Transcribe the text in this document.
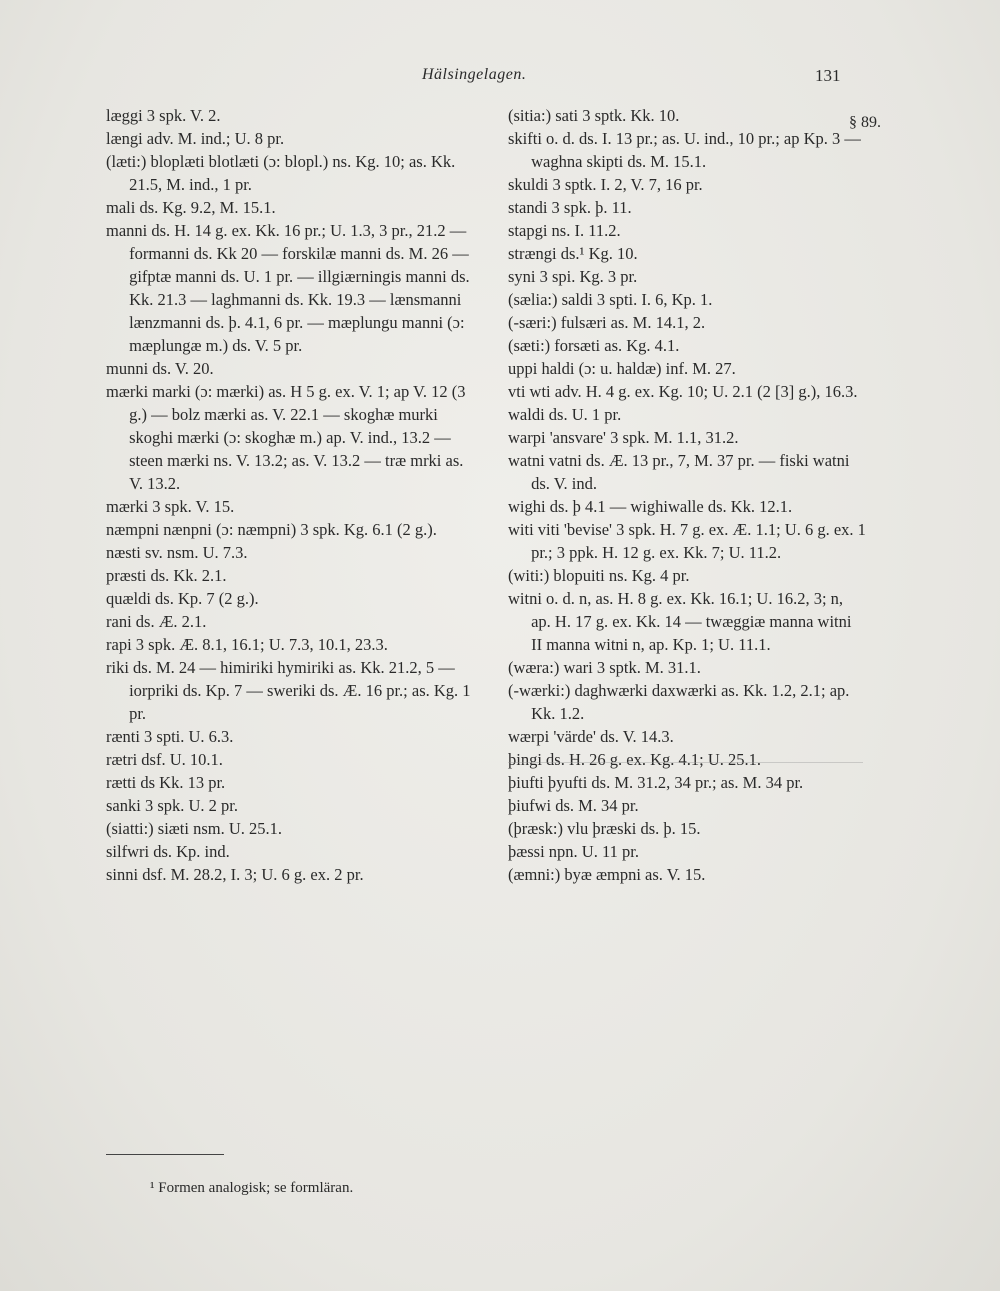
Hälsingelagen.	131
§ 89.

læggi 3 spk. V. 2.

længi adv. M. ind.; U. 8 pr.

(læti:) bloplæti blotlæti (ɔ: blopl.) ns. Kg. 10; as. Kk. 21.5, M. ind., 1 pr.

mali ds. Kg. 9.2, M. 15.1.

manni ds. H. 14 g. ex. Kk. 16 pr.; U. 1.3, 3 pr., 21.2 — formanni ds. Kk 20 — forskilæ manni ds. M. 26 — gifptæ manni ds. U. 1 pr. — illgiærningis manni ds. Kk. 21.3 — laghmanni ds. Kk. 19.3 — lænsmanni lænzmanni ds. þ. 4.1, 6 pr. — mæplungu manni (ɔ: mæplungæ m.) ds. V. 5 pr.

munni ds. V. 20.

mærki marki (ɔ: mærki) as. H 5 g. ex. V. 1; ap V. 12 (3 g.) — bolz mærki as. V. 22.1 — skoghæ murki skoghi mærki (ɔ: skoghæ m.) ap. V. ind., 13.2 — steen mærki ns. V. 13.2; as. V. 13.2 — træ mrki as. V. 13.2.

mærki 3 spk. V. 15.

næmpni nænpni (ɔ: næmpni) 3 spk. Kg. 6.1 (2 g.).

næsti sv. nsm. U. 7.3.

præsti ds. Kk. 2.1.

quældi ds. Kp. 7 (2 g.).

rani ds. Æ. 2.1.

rapi 3 spk. Æ. 8.1, 16.1; U. 7.3, 10.1, 23.3.

riki ds. M. 24 — himiriki hymiriki as. Kk. 21.2, 5 — iorpriki ds. Kp. 7 — sweriki ds. Æ. 16 pr.; as. Kg. 1 pr.

rænti 3 spti. U. 6.3.

rætri dsf. U. 10.1.

rætti ds Kk. 13 pr.

sanki 3 spk. U. 2 pr.

(siatti:) siæti nsm. U. 25.1.

silfwri ds. Kp. ind.

sinni dsf. M. 28.2, I. 3; U. 6 g. ex. 2 pr.

(sitia:) sati 3 sptk. Kk. 10.

skifti o. d. ds. I. 13 pr.; as. U. ind., 10 pr.; ap Kp. 3 — waghna skipti ds. M. 15.1.

skuldi 3 sptk. I. 2, V. 7, 16 pr.

standi 3 spk. þ. 11.

stapgi ns. I. 11.2.

strængi ds.¹ Kg. 10.

syni 3 spi. Kg. 3 pr.

(sælia:) saldi 3 spti. I. 6, Kp. 1.

(-særi:) fulsæri as. M. 14.1, 2.

(sæti:) forsæti as. Kg. 4.1.

uppi haldi (ɔ: u. haldæ) inf. M. 27.

vti wti adv. H. 4 g. ex. Kg. 10; U. 2.1 (2 [3] g.), 16.3.

waldi ds. U. 1 pr.

warpi 'ansvare' 3 spk. M. 1.1, 31.2.

watni vatni ds. Æ. 13 pr., 7, M. 37 pr. — fiski watni ds. V. ind.

wighi ds. þ 4.1 — wighiwalle ds. Kk. 12.1.

witi viti 'bevise' 3 spk. H. 7 g. ex. Æ. 1.1; U. 6 g. ex. 1 pr.; 3 ppk. H. 12 g. ex. Kk. 7; U. 11.2.

(witi:) blopuiti ns. Kg. 4 pr.

witni o. d. n, as. H. 8 g. ex. Kk. 16.1; U. 16.2, 3; n, ap. H. 17 g. ex. Kk. 14 — twæggiæ manna witni II manna witni n, ap. Kp. 1; U. 11.1.

(wæra:) wari 3 sptk. M. 31.1.

(-wærki:) daghwærki daxwærki as. Kk. 1.2, 2.1; ap. Kk. 1.2.

wærpi 'värde' ds. V. 14.3.

þingi ds. H. 26 g. ex. Kg. 4.1; U. 25.1.

þiufti þyufti ds. M. 31.2, 34 pr.; as. M. 34 pr.

þiufwi ds. M. 34 pr.

(þræsk:) vlu þræski ds. þ. 15.

þæssi npn. U. 11 pr.

(æmni:) byæ æmpni as. V. 15.

¹ Formen analogisk; se formläran.
